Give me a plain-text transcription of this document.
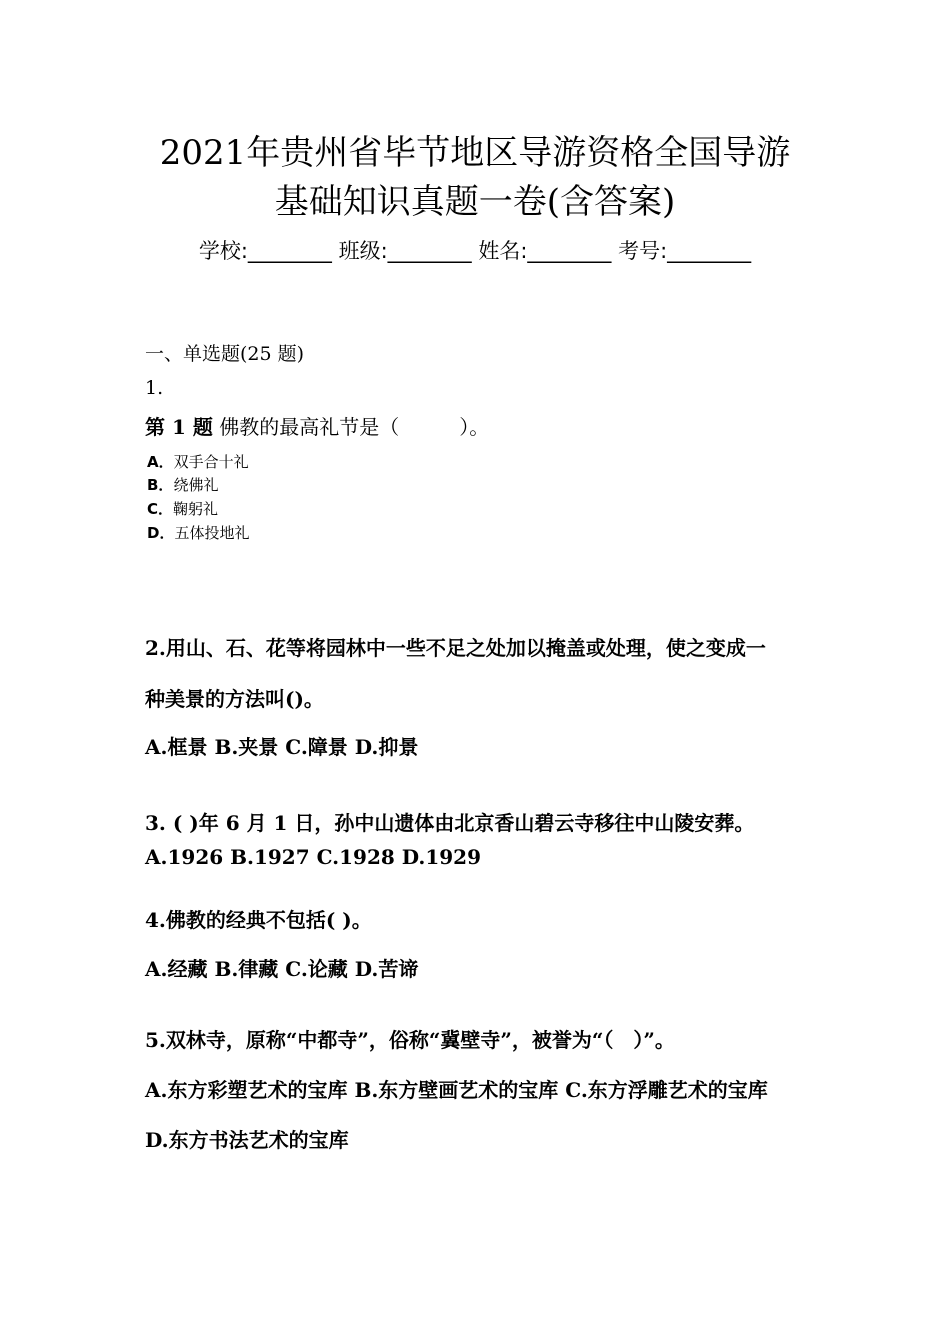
2021年贵州省毕节地区导游资格全国导游
基础知识真题一卷(含答案)
学校:________ 班级:________ 姓名:________ 考号:________
一、单选题(25 题)
1.
第 1 题 佛教的最高礼节是（　　　）。
A．双手合十礼
B．绕佛礼
C．鞠躬礼
D．五体投地礼
2.用山、石、花等将园林中一些不足之处加以掩盖或处理，使之变成一
种美景的方法叫()。
A.框景 B.夹景 C.障景 D.抑景
3. ( )年 6 月 1 日，孙中山遗体由北京香山碧云寺移往中山陵安葬。
A.1926 B.1927 C.1928 D.1929
4.佛教的经典不包括( )。
A.经藏 B.律藏 C.论藏 D.苦谛
5.双林寺，原称“中都寺”，俗称“冀壁寺”，被誉为“（　）”。
A.东方彩塑艺术的宝库 B.东方壁画艺术的宝库 C.东方浮雕艺术的宝库
D.东方书法艺术的宝库
